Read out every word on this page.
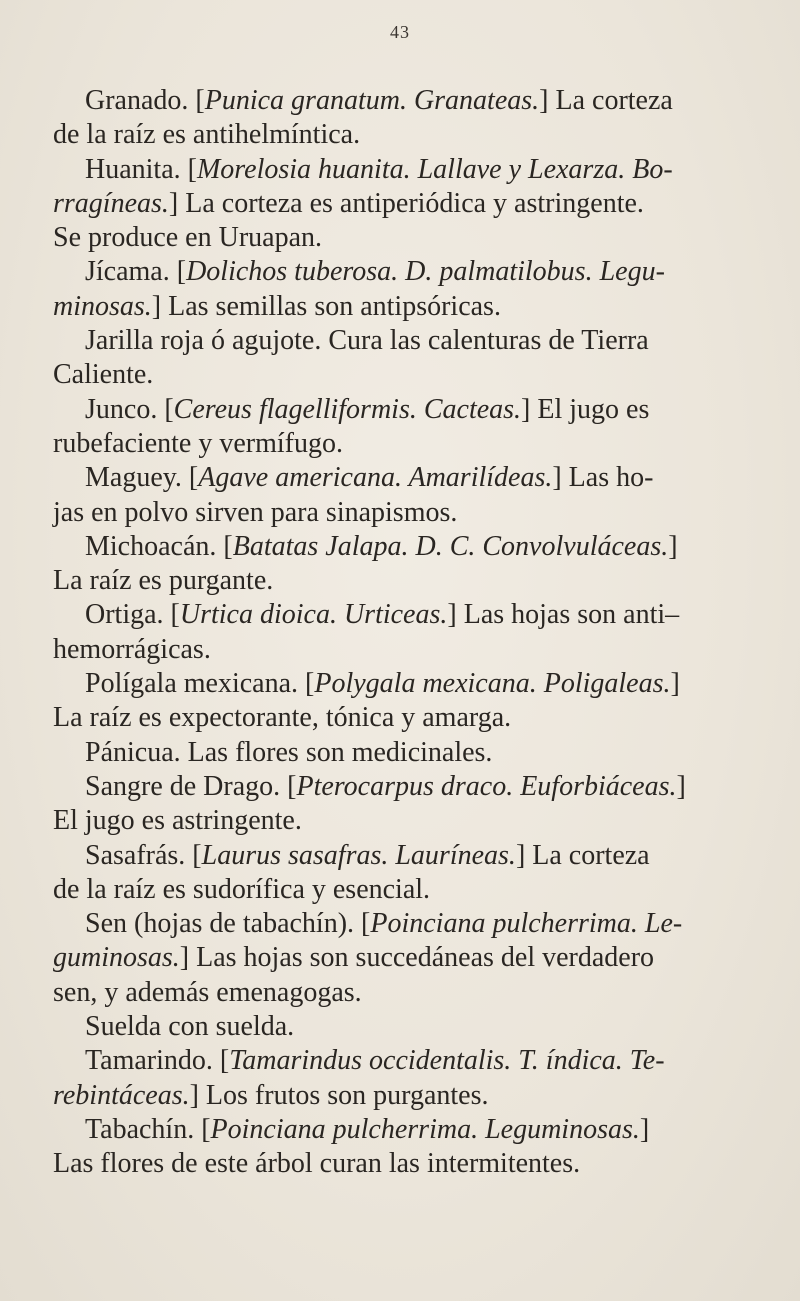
43

Granado. [Punica granatum. Granateas.] La corteza
de la raíz es antihelmíntica.

Huanita. [Morelosia huanita. Lallave y Lexarza. Bo-
rragíneas.] La corteza es antiperiódica y astringente.
Se produce en Uruapan.

Jícama. [Dolichos tuberosa. D. palmatilobus. Legu-
minosas.] Las semillas son antipsóricas.

Jarilla roja ó agujote. Cura las calenturas de Tierra
Caliente.

Junco. [Cereus flagelliformis. Cacteas.] El jugo es
rubefaciente y vermífugo.

Maguey. [Agave americana. Amarilídeas.] Las ho-
jas en polvo sirven para sinapismos.

Michoacán. [Batatas Jalapa. D. C. Convolvuláceas.]
La raíz es purgante.

Ortiga. [Urtica dioica. Urticeas.] Las hojas son anti–
hemorrágicas.

Polígala mexicana. [Polygala mexicana. Poligaleas.]
La raíz es expectorante, tónica y amarga.

Pánicua. Las flores son medicinales.

Sangre de Drago. [Pterocarpus draco. Euforbiáceas.]
El jugo es astringente.

Sasafrás. [Laurus sasafras. Lauríneas.] La corteza
de la raíz es sudorífica y esencial.

Sen (hojas de tabachín). [Poinciana pulcherrima. Le-
guminosas.] Las hojas son succedáneas del verdadero
sen, y además emenagogas.

Suelda con suelda.

Tamarindo. [Tamarindus occidentalis. T. índica. Te-
rebintáceas.] Los frutos son purgantes.

Tabachín. [Poinciana pulcherrima. Leguminosas.]
Las flores de este árbol curan las intermitentes.
